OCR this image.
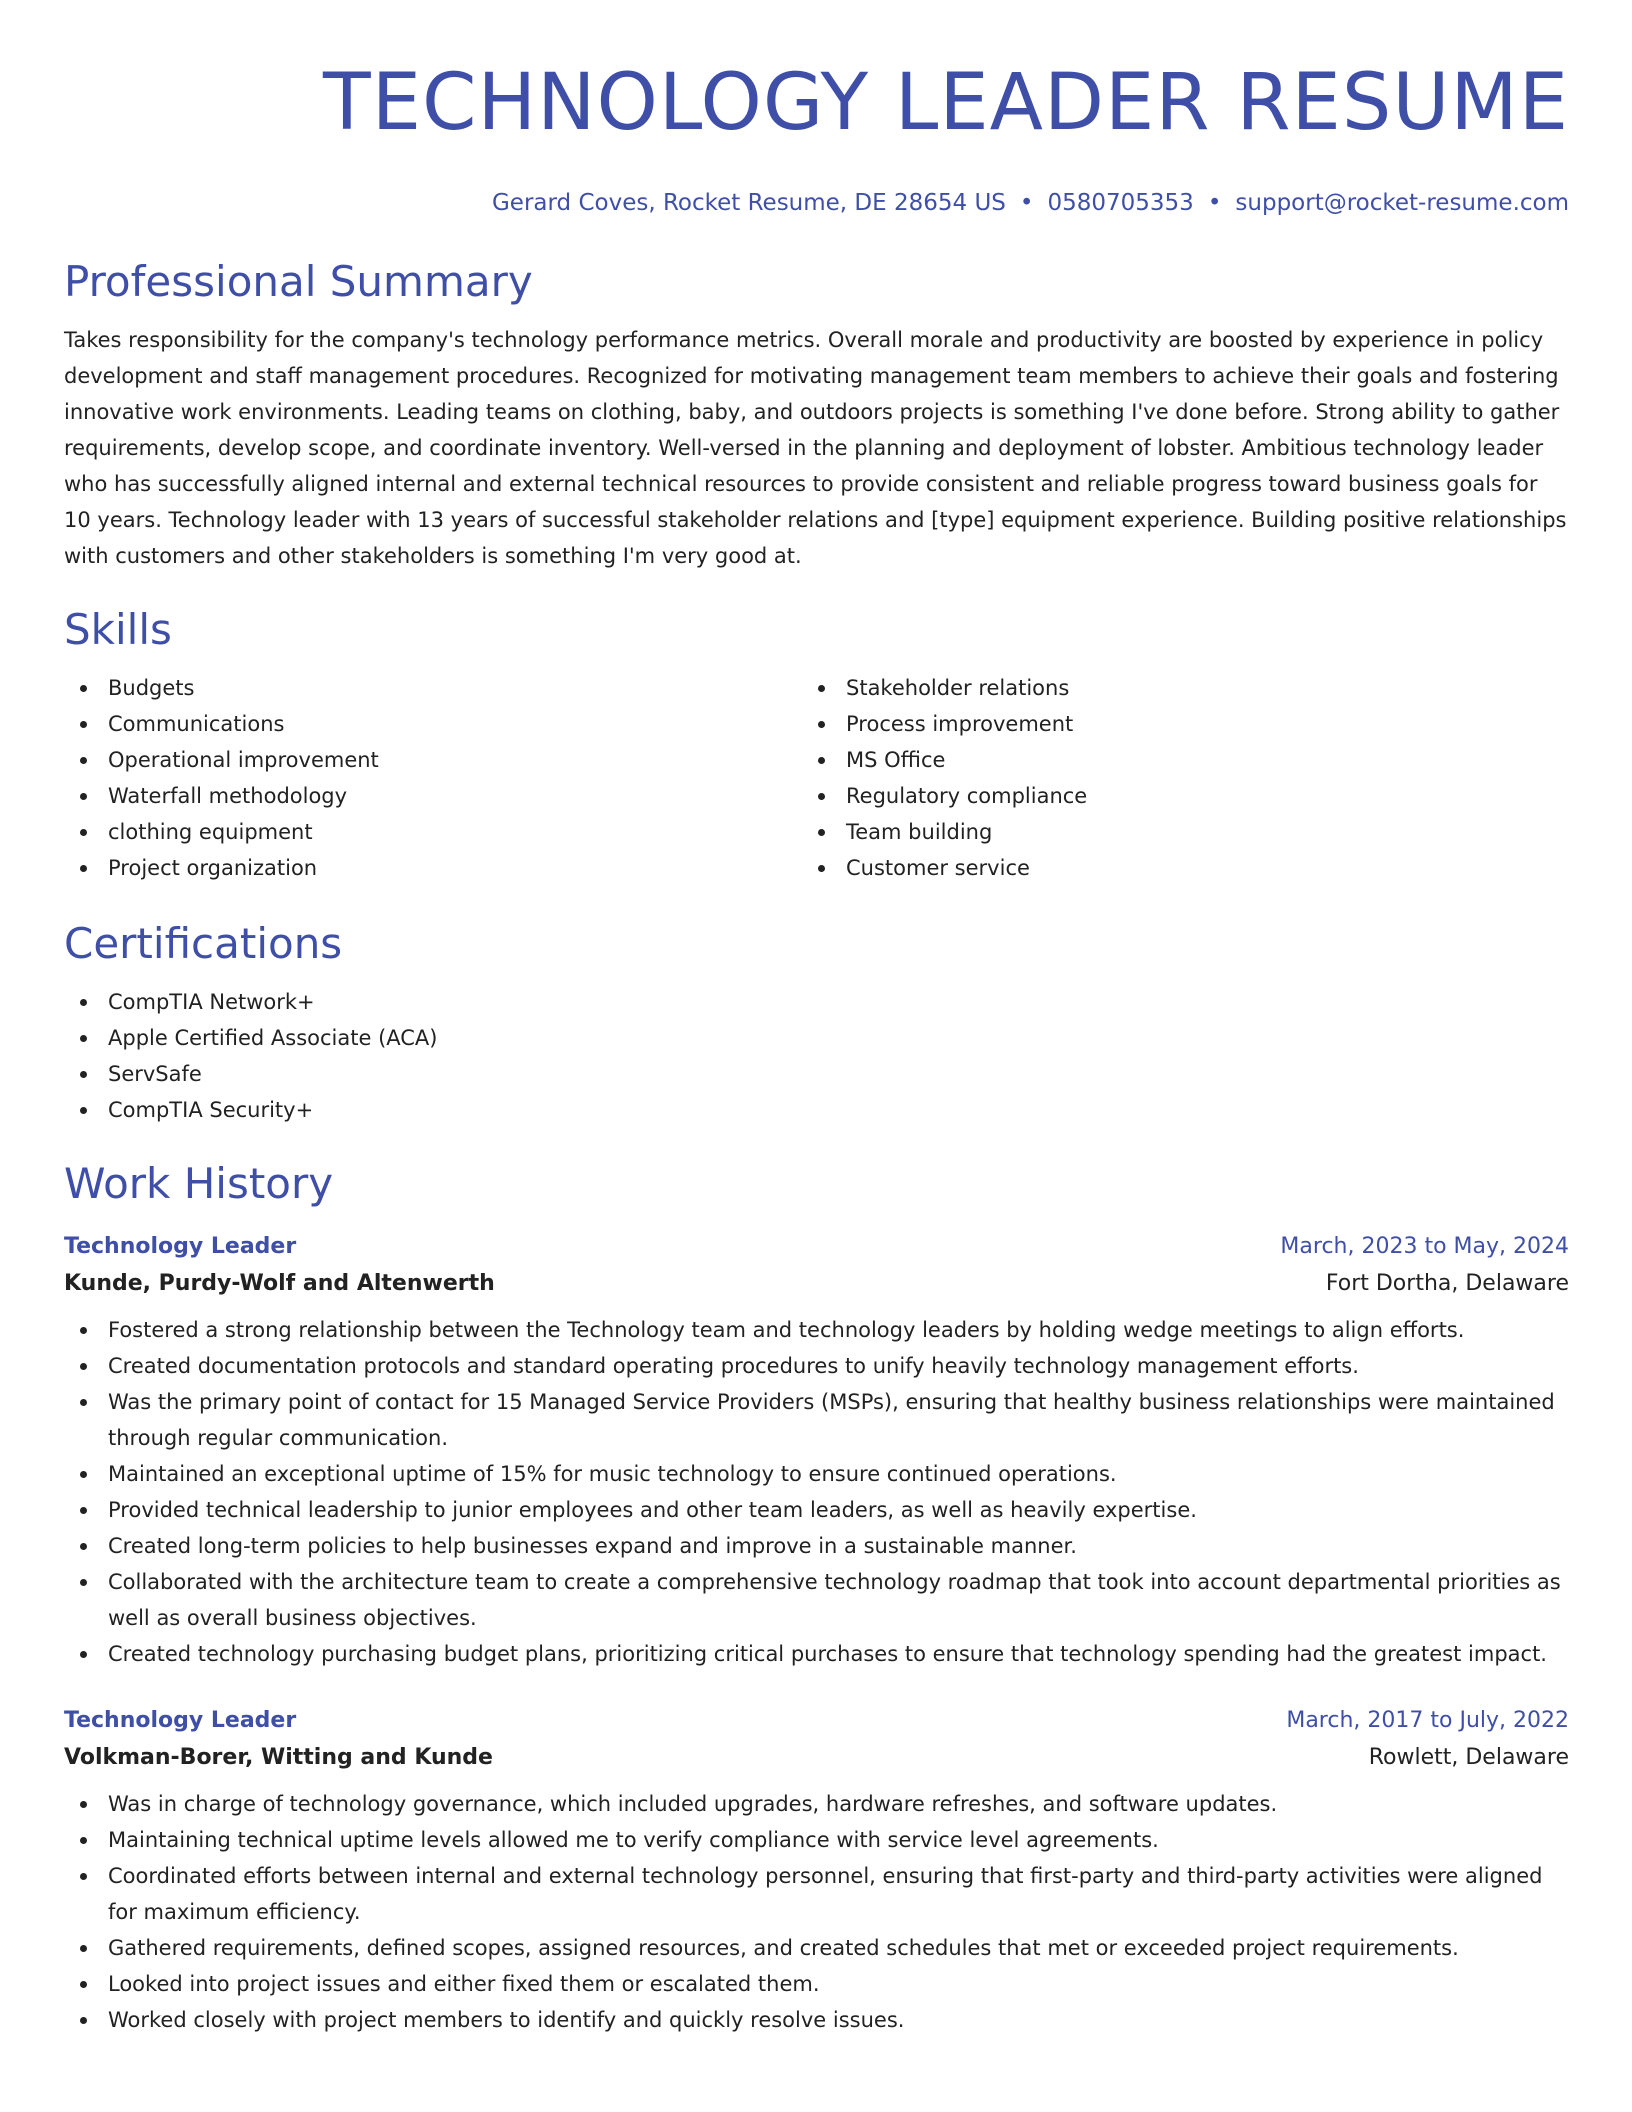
TECHNOLOGY LEADER RESUME
Gerard Coves, Rocket Resume, DE 28654 US • 0580705353 • support@rocket-resume.com
Professional Summary

Takes responsibility for the company's technology performance metrics. Overall morale and productivity are boosted by experience in policy development and staff management procedures. Recognized for motivating management team members to achieve their goals and fostering innovative work environments. Leading teams on clothing, baby, and outdoors projects is something I've done before. Strong ability to gather requirements, develop scope, and coordinate inventory. Well-versed in the planning and deployment of lobster. Ambitious technology leader who has successfully aligned internal and external technical resources to provide consistent and reliable progress toward business goals for 10 years. Technology leader with 13 years of successful stakeholder relations and [type] equipment experience. Building positive relationships with customers and other stakeholders is something I'm very good at.

Skills
Budgets
Communications
Operational improvement
Waterfall methodology
clothing equipment
Project organization
Stakeholder relations
Process improvement
MS Office
Regulatory compliance
Team building
Customer service
Certifications
CompTIA Network+
Apple Certified Associate (ACA)
ServSafe
CompTIA Security+
Work History
Technology Leader	March, 2023 to May, 2024
Kunde, Purdy-Wolf and Altenwerth	Fort Dortha, Delaware
Fostered a strong relationship between the Technology team and technology leaders by holding wedge meetings to align efforts.
Created documentation protocols and standard operating procedures to unify heavily technology management efforts.
Was the primary point of contact for 15 Managed Service Providers (MSPs), ensuring that healthy business relationships were maintained through regular communication.
Maintained an exceptional uptime of 15% for music technology to ensure continued operations.
Provided technical leadership to junior employees and other team leaders, as well as heavily expertise.
Created long-term policies to help businesses expand and improve in a sustainable manner.
Collaborated with the architecture team to create a comprehensive technology roadmap that took into account departmental priorities as well as overall business objectives.
Created technology purchasing budget plans, prioritizing critical purchases to ensure that technology spending had the greatest impact.
Technology Leader	March, 2017 to July, 2022
Volkman-Borer, Witting and Kunde	Rowlett, Delaware
Was in charge of technology governance, which included upgrades, hardware refreshes, and software updates.
Maintaining technical uptime levels allowed me to verify compliance with service level agreements.
Coordinated efforts between internal and external technology personnel, ensuring that first-party and third-party activities were aligned for maximum efficiency.
Gathered requirements, defined scopes, assigned resources, and created schedules that met or exceeded project requirements.
Looked into project issues and either fixed them or escalated them.
Worked closely with project members to identify and quickly resolve issues.
